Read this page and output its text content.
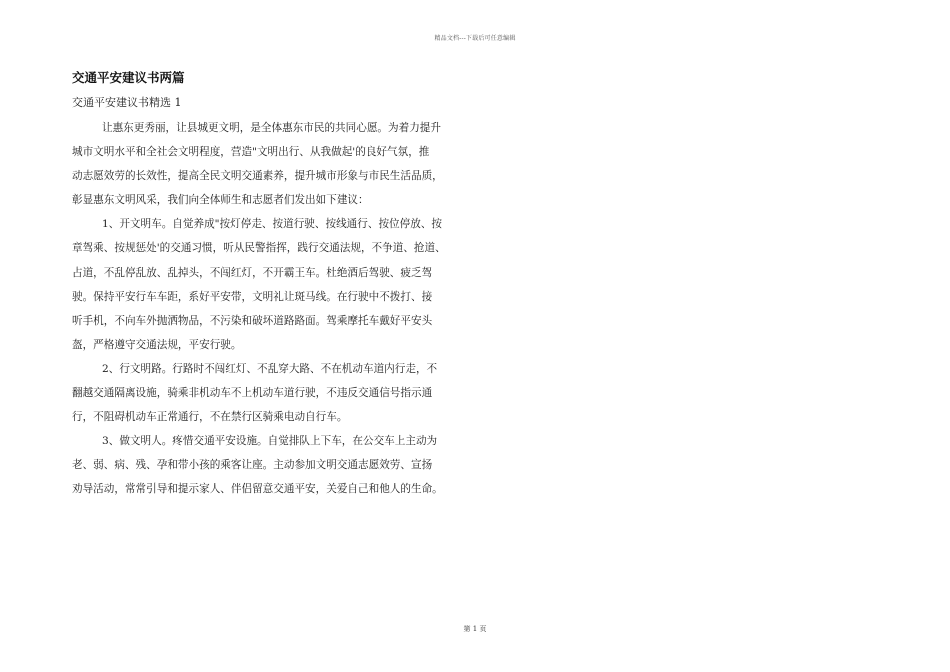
精品文档---下载后可任意编辑
交通平安建议书两篇
交通平安建议书精选 1
让惠东更秀丽，让县城更文明，是全体惠东市民的共同心愿。为着力提升
城市文明水平和全社会文明程度，营造"文明出行、从我做起'的良好气氛，推
动志愿效劳的长效性，提高全民文明交通素养，提升城市形象与市民生活品质，
彰显惠东文明风采，我们向全体师生和志愿者们发出如下建议：
1、开文明车。自觉养成"按灯停走、按道行驶、按线通行、按位停放、按
章驾乘、按规惩处'的交通习惯，听从民警指挥，践行交通法规，不争道、抢道、
占道，不乱停乱放、乱掉头，不闯红灯，不开霸王车。杜绝酒后驾驶、疲乏驾
驶。保持平安行车车距，系好平安带，文明礼让斑马线。在行驶中不拨打、接
听手机，不向车外抛洒物品，不污染和破坏道路路面。驾乘摩托车戴好平安头
盔，严格遵守交通法规，平安行驶。
2、行文明路。行路时不闯红灯、不乱穿大路、不在机动车道内行走，不
翻越交通隔离设施，骑乘非机动车不上机动车道行驶，不违反交通信号指示通
行，不阻碍机动车正常通行，不在禁行区骑乘电动自行车。
3、做文明人。疼惜交通平安设施。自觉排队上下车，在公交车上主动为
老、弱、病、残、孕和带小孩的乘客让座。主动参加文明交通志愿效劳、宣扬
劝导活动，常常引导和提示家人、伴侣留意交通平安，关爱自己和他人的生命。
第 1 页
